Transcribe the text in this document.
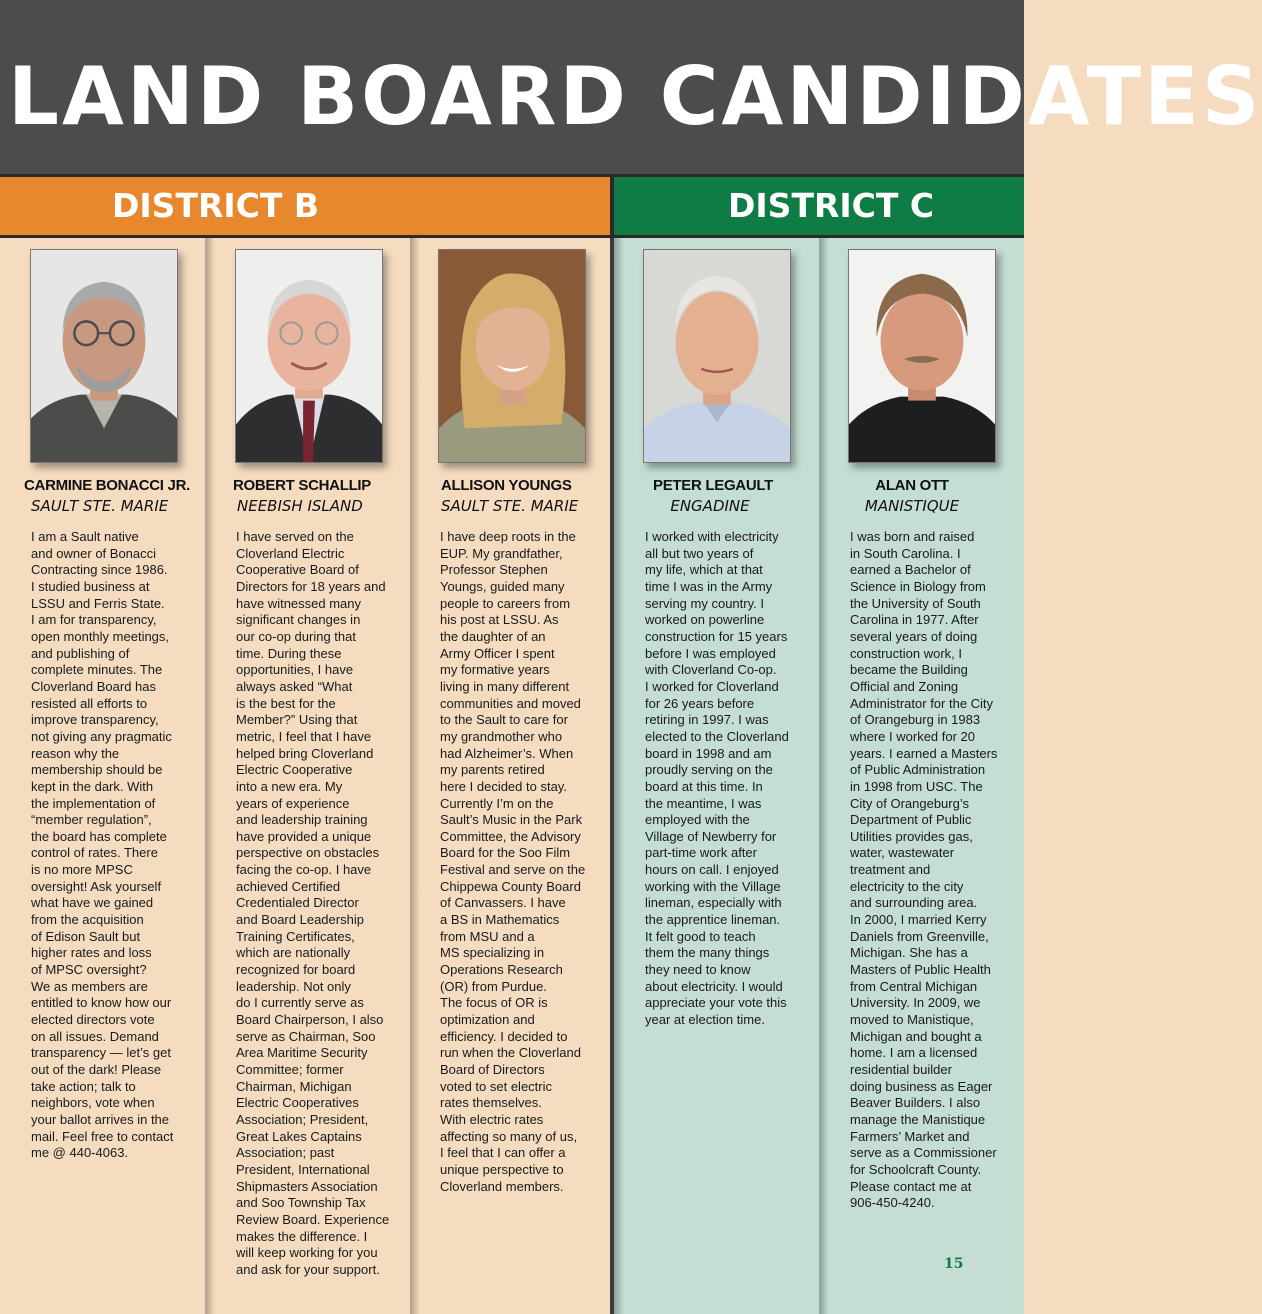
LAND BOARD CANDIDATES
DISTRICT B	DISTRICT C
CARMINE BONACCI JR.
SAULT STE. MARIE
ROBERT SCHALLIP
NEEBISH ISLAND
ALLISON YOUNGS
SAULT STE. MARIE
PETER LEGAULT
ENGADINE
ALAN OTT
MANISTIQUE
I am a Sault native
and owner of Bonacci
Contracting since 1986.
I studied business at
LSSU and Ferris State.
I am for transparency,
open monthly meetings,
and publishing of
complete minutes. The
Cloverland Board has
resisted all efforts to
improve transparency,
not giving any pragmatic
reason why the
membership should be
kept in the dark. With
the implementation of
“member regulation”,
the board has complete
control of rates. There
is no more MPSC
oversight! Ask yourself
what have we gained
from the acquisition
of Edison Sault but
higher rates and loss
of MPSC oversight?
We as members are
entitled to know how our
elected directors vote
on all issues. Demand
transparency — let’s get
out of the dark! Please
take action; talk to
neighbors, vote when
your ballot arrives in the
mail. Feel free to contact
me @ 440-4063.
I have served on the
Cloverland Electric
Cooperative Board of
Directors for 18 years and
have witnessed many
significant changes in
our co-op during that
time. During these
opportunities, I have
always asked “What
is the best for the
Member?” Using that
metric, I feel that I have
helped bring Cloverland
Electric Cooperative
into a new era. My
years of experience
and leadership training
have provided a unique
perspective on obstacles
facing the co-op. I have
achieved Certified
Credentialed Director
and Board Leadership
Training Certificates,
which are nationally
recognized for board
leadership. Not only
do I currently serve as
Board Chairperson, I also
serve as Chairman, Soo
Area Maritime Security
Committee; former
Chairman, Michigan
Electric Cooperatives
Association; President,
Great Lakes Captains
Association; past
President, International
Shipmasters Association
and Soo Township Tax
Review Board. Experience
makes the difference. I
will keep working for you
and ask for your support.
I have deep roots in the
EUP. My grandfather,
Professor Stephen
Youngs, guided many
people to careers from
his post at LSSU. As
the daughter of an
Army Officer I spent
my formative years
living in many different
communities and moved
to the Sault to care for
my grandmother who
had Alzheimer’s. When
my parents retired
here I decided to stay.
Currently I’m on the
Sault’s Music in the Park
Committee, the Advisory
Board for the Soo Film
Festival and serve on the
Chippewa County Board
of Canvassers. I have
a BS in Mathematics
from MSU and a
MS specializing in
Operations Research
(OR) from Purdue.
The focus of OR is
optimization and
efficiency. I decided to
run when the Cloverland
Board of Directors
voted to set electric
rates themselves.
With electric rates
affecting so many of us,
I feel that I can offer a
unique perspective to
Cloverland members.
I worked with electricity
all but two years of
my life, which at that
time I was in the Army
serving my country. I
worked on powerline
construction for 15 years
before I was employed
with Cloverland Co-op.
I worked for Cloverland
for 26 years before
retiring in 1997. I was
elected to the Cloverland
board in 1998 and am
proudly serving on the
board at this time. In
the meantime, I was
employed with the
Village of Newberry for
part-time work after
hours on call. I enjoyed
working with the Village
lineman, especially with
the apprentice lineman.
It felt good to teach
them the many things
they need to know
about electricity. I would
appreciate your vote this
year at election time.
I was born and raised
in South Carolina. I
earned a Bachelor of
Science in Biology from
the University of South
Carolina in 1977. After
several years of doing
construction work, I
became the Building
Official and Zoning
Administrator for the City
of Orangeburg in 1983
where I worked for 20
years. I earned a Masters
of Public Administration
in 1998 from USC. The
City of Orangeburg’s
Department of Public
Utilities provides gas,
water, wastewater
treatment and
electricity to the city
and surrounding area.
In 2000, I married Kerry
Daniels from Greenville,
Michigan. She has a
Masters of Public Health
from Central Michigan
University. In 2009, we
moved to Manistique,
Michigan and bought a
home. I am a licensed
residential builder
doing business as Eager
Beaver Builders. I also
manage the Manistique
Farmers’ Market and
serve as a Commissioner
for Schoolcraft County.
Please contact me at
906-450-4240.
15
